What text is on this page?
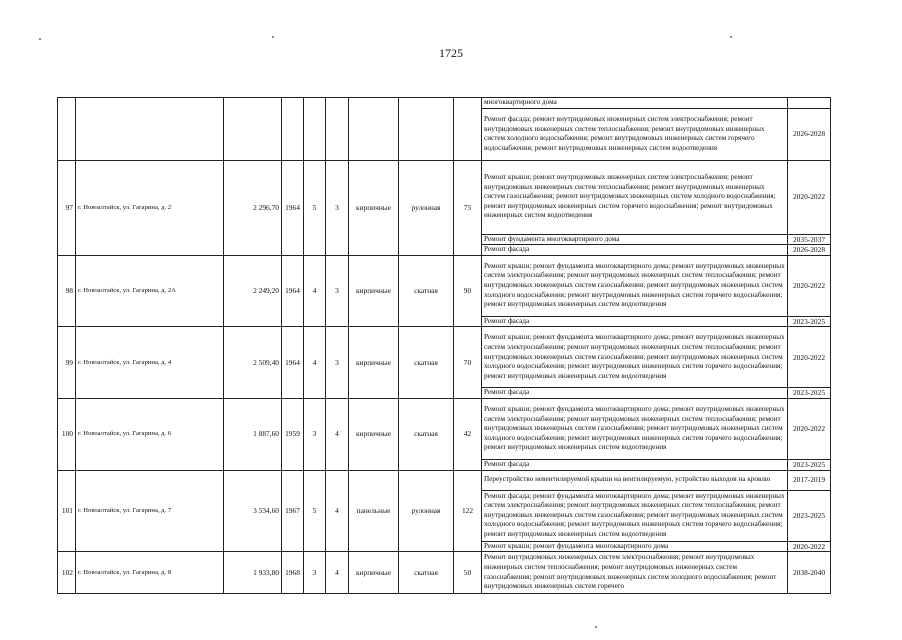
1725
									многоквартирного дома	
									Ремонт фасада; ремонт внутридомовых инженерных систем электроснабжения; ремонт внутридомовых инженерных систем теплоснабжения; ремонт внутридомовых инженерных систем холодного водоснабжения; ремонт внутридомовых инженерных систем горячего водоснабжения; ремонт внутридомовых инженерных систем водоотведения	2026-2028
97	г. Новоалтайск, ул. Гагарина, д. 2	2 296,70	1964	5	3	кирпичные	рулонная	75	Ремонт крыши; ремонт внутридомовых инженерных систем электроснабжения; ремонт внутридомовых инженерных систем теплоснабжения; ремонт внутридомовых инженерных систем газоснабжения; ремонт внутридомовых инженерных систем холодного водоснабжения; ремонт внутридомовых инженерных систем горячего водоснабжения; ремонт внутридомовых инженерных систем водоотведения	2020-2022
									Ремонт фундамента многоквартирного дома	2035-2037
									Ремонт фасада	2026-2028
98	г. Новоалтайск, ул. Гагарина, д. 2А	2 249,20	1964	4	3	кирпичные	скатная	90	Ремонт крыши; ремонт фундамента многоквартирного дома; ремонт внутридомовых инженерных систем электроснабжения; ремонт внутридомовых инженерных систем теплоснабжения; ремонт внутридомовых инженерных систем газоснабжения; ремонт внутридомовых инженерных систем холодного водоснабжения; ремонт внутридомовых инженерных систем горячего водоснабжения; ремонт внутридомовых инженерных систем водоотведения	2020-2022
									Ремонт фасада	2023-2025
99	г. Новоалтайск, ул. Гагарина, д. 4	2 509,40	1964	4	3	кирпичные	скатная	70	Ремонт крыши; ремонт фундамента многоквартирного дома; ремонт внутридомовых инженерных систем электроснабжения; ремонт внутридомовых инженерных систем теплоснабжения; ремонт внутридомовых инженерных систем газоснабжения; ремонт внутридомовых инженерных систем холодного водоснабжения; ремонт внутридомовых инженерных систем горячего водоснабжения; ремонт внутридомовых инженерных систем водоотведения	2020-2022
									Ремонт фасада	2023-2025
100	г. Новоалтайск, ул. Гагарина, д. 6	1 887,60	1959	3	4	кирпичные	скатная	42	Ремонт крыши; ремонт фундамента многоквартирного дома; ремонт внутридомовых инженерных систем электроснабжения; ремонт внутридомовых инженерных систем теплоснабжения; ремонт внутридомовых инженерных систем газоснабжения; ремонт внутридомовых инженерных систем холодного водоснабжения; ремонт внутридомовых инженерных систем горячего водоснабжения; ремонт внутридомовых инженерных систем водоотведения	2020-2022
									Ремонт фасада	2023-2025
101	г. Новоалтайск, ул. Гагарина, д. 7	3 534,60	1967	5	4	панельные	рулонная	122	Переустройство невентилируемой крыши на вентилируемую, устройство выходов на кровлю	2017-2019
									Ремонт фасада; ремонт фундамента многоквартирного дома; ремонт внутридомовых инженерных систем электроснабжения; ремонт внутридомовых инженерных систем теплоснабжения; ремонт внутридомовых инженерных систем газоснабжения; ремонт внутридомовых инженерных систем холодного водоснабжения; ремонт внутридомовых инженерных систем горячего водоснабжения; ремонт внутридомовых инженерных систем водоотведения	2023-2025
									Ремонт крыши; ремонт фундамента многоквартирного дома	2020-2022
102	г. Новоалтайск, ул. Гагарина, д. 8	1 933,80	1968	3	4	кирпичные	скатная	50	Ремонт внутридомовых инженерных систем электроснабжения; ремонт внутридомовых инженерных систем теплоснабжения; ремонт внутридомовых инженерных систем газоснабжения; ремонт внутридомовых инженерных систем холодного водоснабжения; ремонт внутридомовых инженерных систем горячего	2038-2040
